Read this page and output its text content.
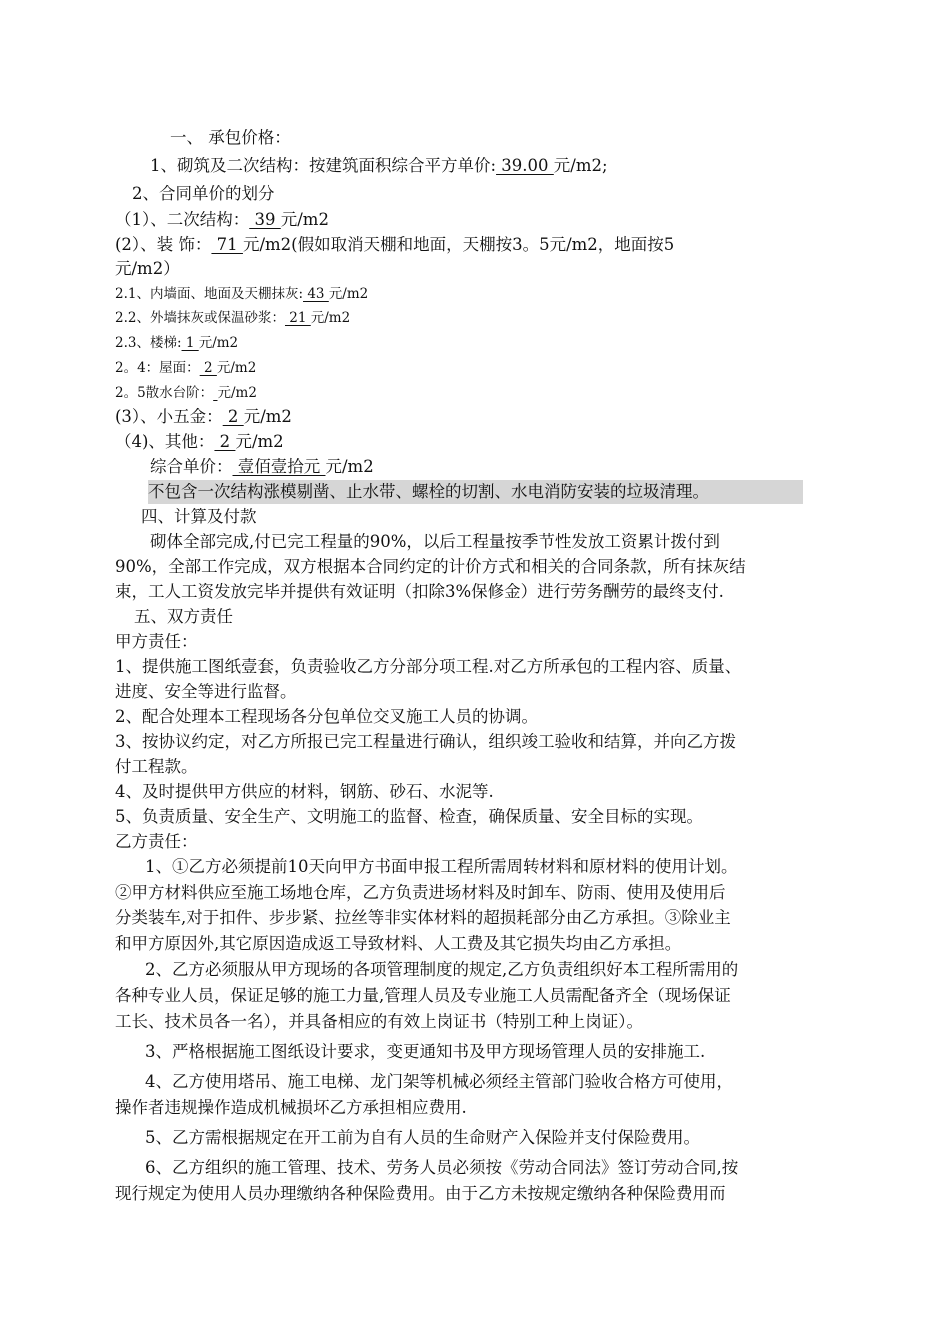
一、 承包价格：
1、砌筑及二次结构：按建筑面积综合平方单价: 39.00 元/m2;
2、合同单价的划分
（1）、二次结构： 39 元/m2
(2）、装 饰： 71 元/m2(假如取消天棚和地面，天棚按3。5元/m2，地面按5
元/m2）
2.1、内墙面、地面及天棚抹灰: 43 元/m2
2.2、外墙抹灰或保温砂浆： 21 元/m2
2.3、楼梯: 1 元/m2
2。4：屋面： 2 元/m2
2。5散水台阶： 元/m2
(3）、小五金： 2 元/m2
（4)、其他： 2 元/m2
综合单价： 壹佰壹拾元 元/m2
不包含一次结构涨模剔凿、止水带、螺栓的切割、水电消防安装的垃圾清理。
四、计算及付款
砌体全部完成,付已完工程量的90%，以后工程量按季节性发放工资累计拨付到
90%，全部工作完成，双方根据本合同约定的计价方式和相关的合同条款，所有抹灰结
束，工人工资发放完毕并提供有效证明（扣除3%保修金）进行劳务酬劳的最终支付.
五、双方责任
甲方责任：
1、提供施工图纸壹套，负责验收乙方分部分项工程.对乙方所承包的工程内容、质量、
进度、安全等进行监督。
2、配合处理本工程现场各分包单位交叉施工人员的协调。
3、按协议约定，对乙方所报已完工程量进行确认，组织竣工验收和结算，并向乙方拨
付工程款。
4、及时提供甲方供应的材料，钢筋、砂石、水泥等.
5、负责质量、安全生产、文明施工的监督、检查，确保质量、安全目标的实现。
乙方责任：
1、①乙方必须提前10天向甲方书面申报工程所需周转材料和原材料的使用计划。
②甲方材料供应至施工场地仓库，乙方负责进场材料及时卸车、防雨、使用及使用后
分类装车,对于扣件、步步紧、拉丝等非实体材料的超损耗部分由乙方承担。③除业主
和甲方原因外,其它原因造成返工导致材料、人工费及其它损失均由乙方承担。
2、乙方必须服从甲方现场的各项管理制度的规定,乙方负责组织好本工程所需用的
各种专业人员，保证足够的施工力量,管理人员及专业施工人员需配备齐全（现场保证
工长、技术员各一名），并具备相应的有效上岗证书（特别工种上岗证）。
3、严格根据施工图纸设计要求，变更通知书及甲方现场管理人员的安排施工.
4、乙方使用塔吊、施工电梯、龙门架等机械必须经主管部门验收合格方可使用，
操作者违规操作造成机械损坏乙方承担相应费用.
5、乙方需根据规定在开工前为自有人员的生命财产入保险并支付保险费用。
6、乙方组织的施工管理、技术、劳务人员必须按《劳动合同法》签订劳动合同,按
现行规定为使用人员办理缴纳各种保险费用。由于乙方未按规定缴纳各种保险费用而
